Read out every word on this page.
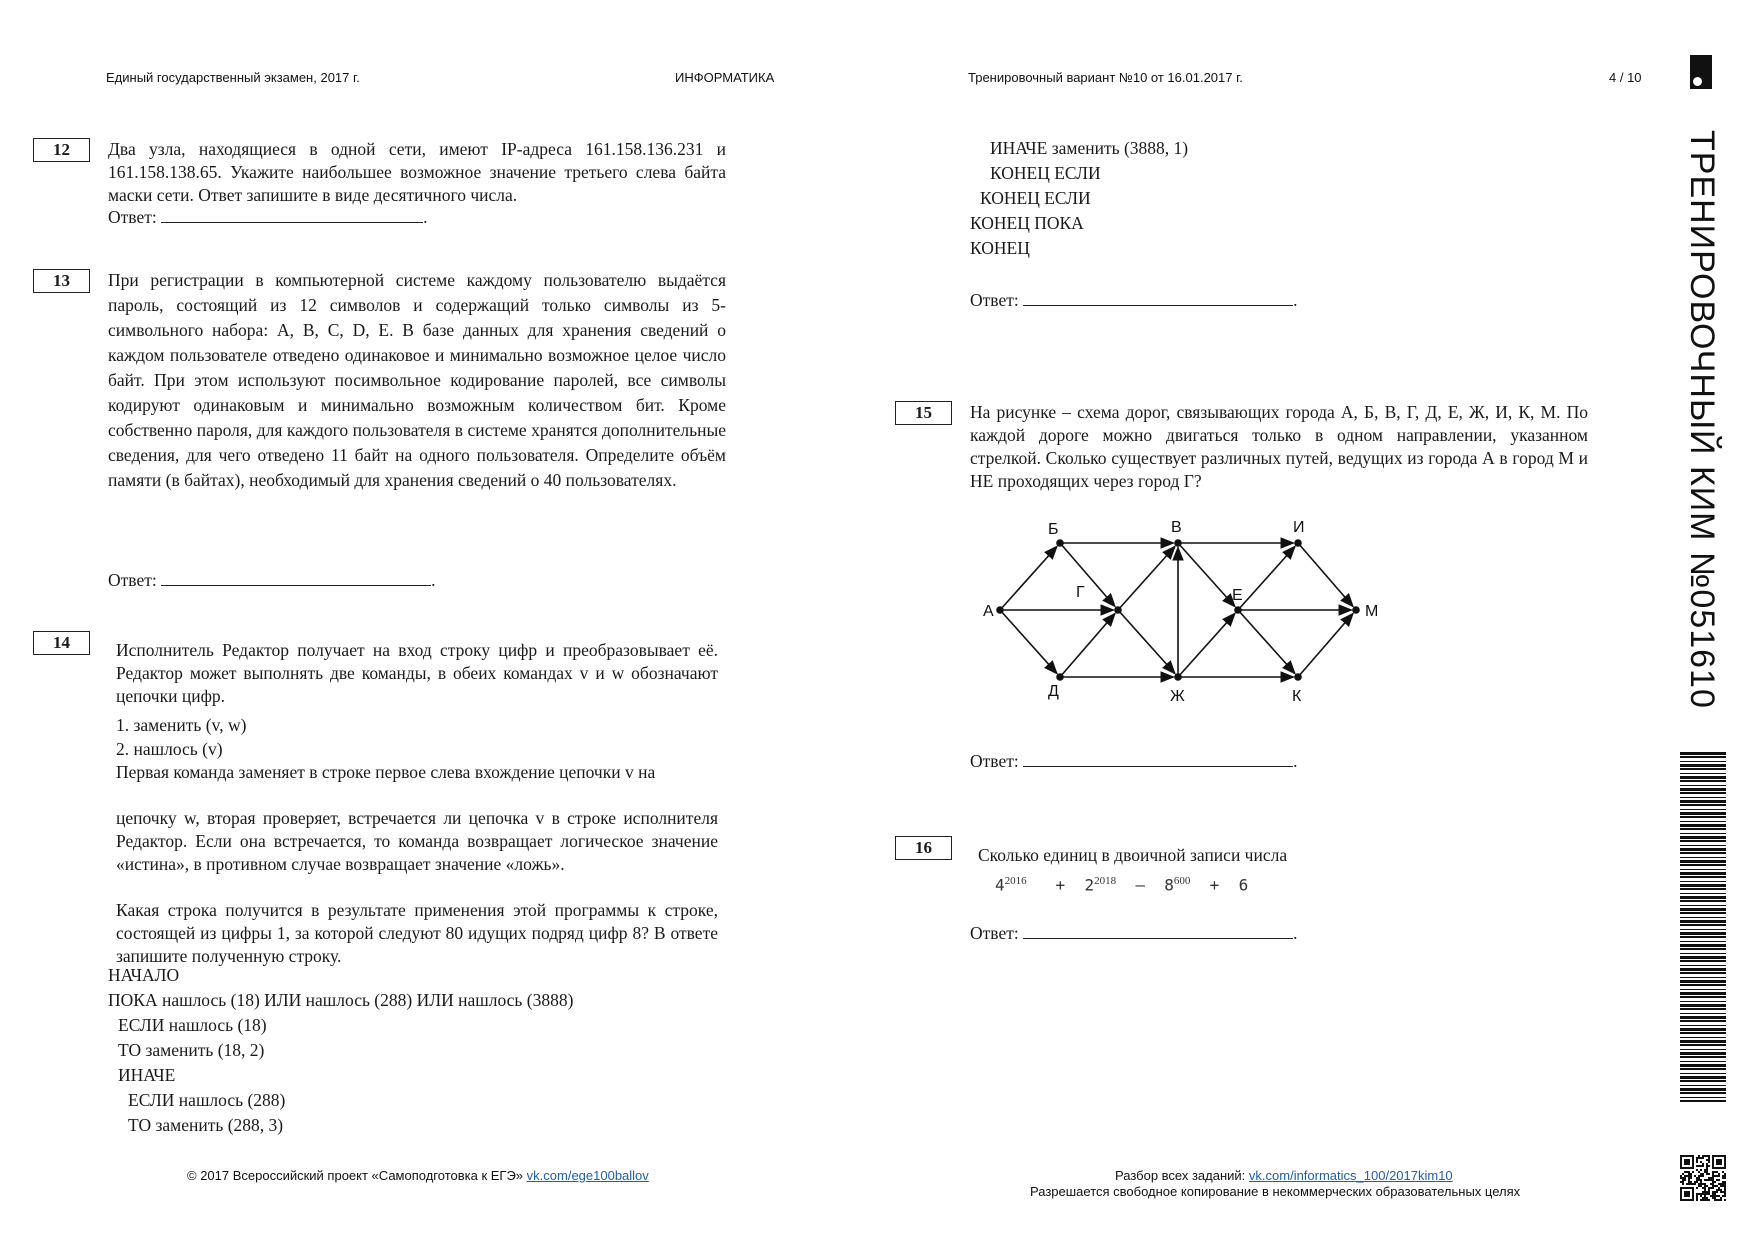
Единый государственный экзамен, 2017 г.	ИНФОРМАТИКА	Тренировочный вариант №10 от 16.01.2017 г.	4 / 10
ТРЕНИРОВОЧНЫЙ КИМ №051610
12	Два узла, находящиеся в одной сети, имеют IP-адреса 161.158.136.231 и 161.158.138.65. Укажите наибольшее возможное значение третьего слева байта маски сети. Ответ запишите в виде десятичного числа.
Ответ:	.
13	При регистрации в компьютерной системе каждому пользователю выдаётся пароль, состоящий из 12 символов и содержащий только символы из 5-символьного набора: А, В, C, D, Е. В базе данных для хранения сведений о каждом пользователе отведено одинаковое и минимально возможное целое число байт. При этом используют посимвольное кодирование паролей, все символы кодируют одинаковым и минимально возможным количеством бит. Кроме собственно пароля, для каждого пользователя в системе хранятся дополнительные сведения, для чего отведено 11 байт на одного пользователя. Определите объём памяти (в байтах), необходимый для хранения сведений о 40 пользователях.
Ответ:	.
14	Исполнитель Редактор получает на вход строку цифр и преобразовывает её. Редактор может выполнять две команды, в обеих командах v и w обозначают цепочки цифр.
1. заменить (v, w)
2. нашлось (v)
Первая команда заменяет в строке первое слева вхождение цепочки v на
цепочку w, вторая проверяет, встречается ли цепочка v в строке исполнителя Редактор. Если она встречается, то команда возвращает логическое значение «истина», в противном случае возвращает значение «ложь».
Какая строка получится в результате применения этой программы к строке, состоящей из цифры 1, за которой следуют 80 идущих подряд цифр 8? В ответе запишите полученную строку.
НАЧАЛО
ПОКА нашлось (18) ИЛИ нашлось (288) ИЛИ нашлось (3888)
ЕСЛИ нашлось (18)
ТО заменить (18, 2)
ИНАЧЕ
ЕСЛИ нашлось (288)
ТО заменить (288, 3)
ИНАЧЕ заменить (3888, 1)
КОНЕЦ ЕСЛИ
КОНЕЦ ЕСЛИ
КОНЕЦ ПОКА
КОНЕЦ
Ответ:	.
15	На рисунке – схема дорог, связывающих города А, Б, В, Г, Д, Е, Ж, И, К, М. По каждой дороге можно двигаться только в одном направлении, указанном стрелкой. Сколько существует различных путей, ведущих из города А в город М и НЕ проходящих через город Г?
А
Б
Г
Д
В
Ж
Е
И
К
М
Ответ:	.
16	Сколько единиц в двоичной записи числа
$4^{2016} + 2^{2018} - 8^{600} + 6$
Ответ:	.
© 2017 Всероссийский проект «Самоподготовка к ЕГЭ» vk.com/ege100ballov	Разбор всех заданий: vk.com/informatics_100/2017kim10
Разрешается свободное копирование в некоммерческих образовательных целях
